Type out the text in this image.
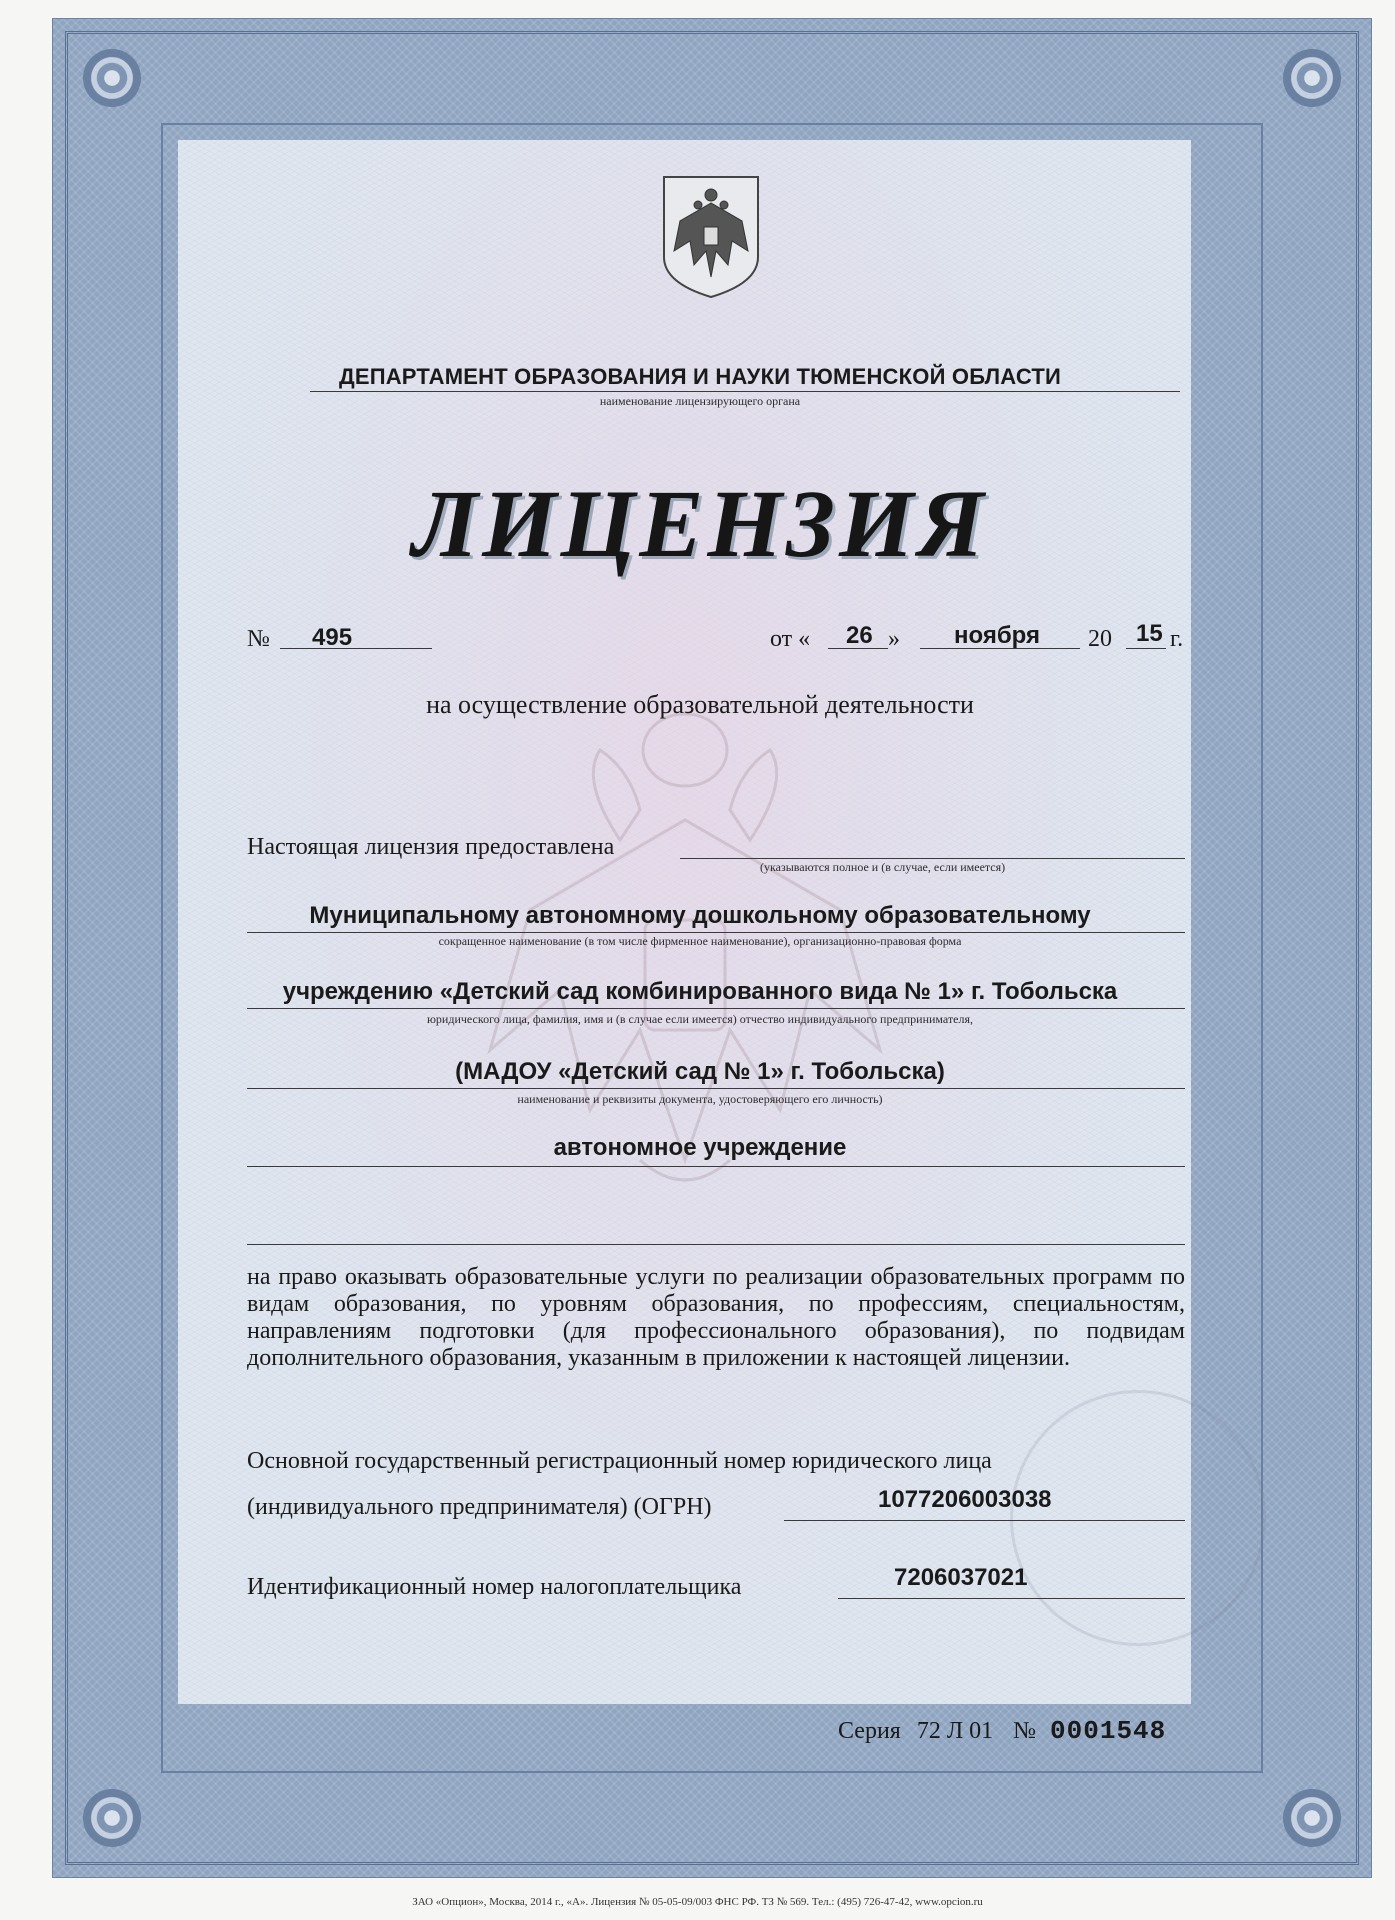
ДЕПАРТАМЕНТ ОБРАЗОВАНИЯ И НАУКИ ТЮМЕНСКОЙ ОБЛАСТИ
наименование лицензирующего органа
ЛИЦЕНЗИЯ
№ 495	от « 26 » ноября 20 15 г.
на осуществление образовательной деятельности
Настоящая лицензия предоставлена
(указываются полное и (в случае, если имеется)
Муниципальному автономному дошкольному образовательному
сокращенное наименование (в том числе фирменное наименование), организационно-правовая форма
учреждению «Детский сад комбинированного вида № 1» г. Тобольска
юридического лица, фамилия, имя и (в случае если имеется) отчество индивидуального предпринимателя,
(МАДОУ «Детский сад № 1» г. Тобольска)
наименование и реквизиты документа, удостоверяющего его личность)
автономное учреждение
на право оказывать образовательные услуги по реализации образовательных программ по видам образования, по уровням образования, по профессиям, специальностям, направлениям подготовки (для профессионального образования), по подвидам дополнительного образования, указанным в приложении к настоящей лицензии.
Основной государственный регистрационный номер юридического лица
(индивидуального предпринимателя) (ОГРН)	1077206003038
Идентификационный номер налогоплательщика	7206037021
Серия 72 Л 01 № 0001548
ЗАО «Опцион», Москва, 2014 г., «А». Лицензия № 05-05-09/003 ФНС РФ. ТЗ № 569. Тел.: (495) 726-47-42, www.opcion.ru
